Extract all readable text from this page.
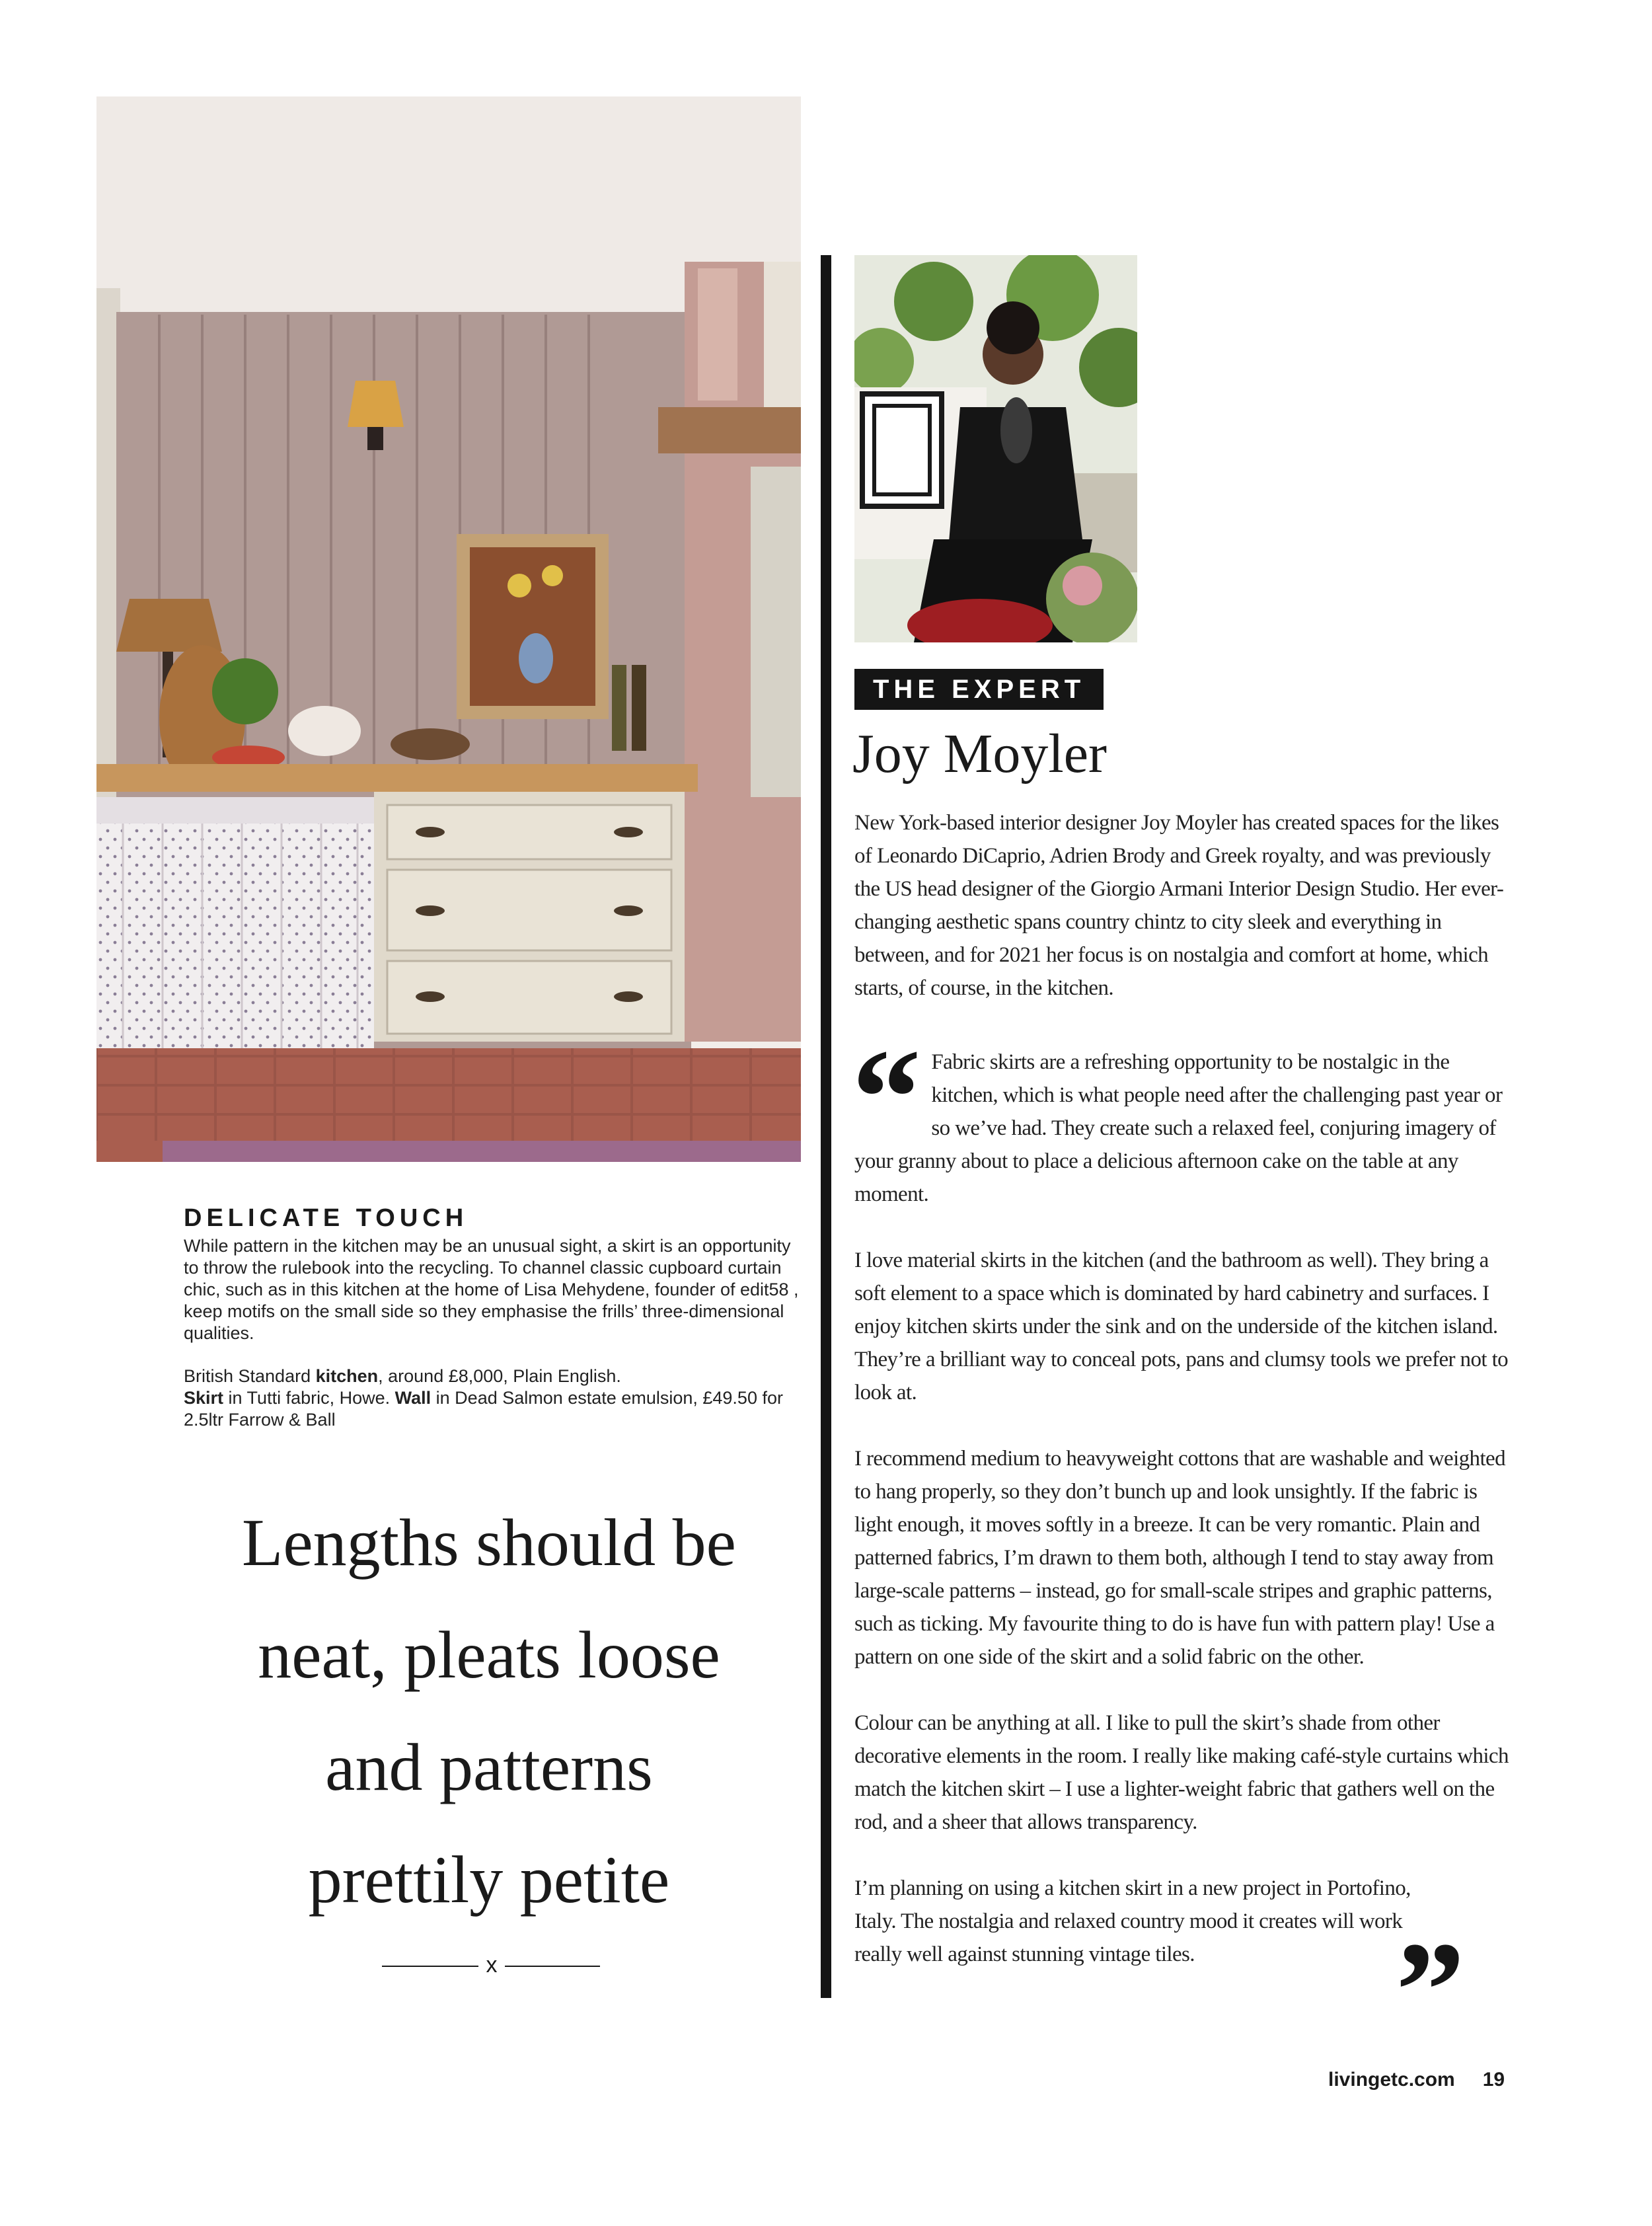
DELICATE TOUCH

While pattern in the kitchen may be an unusual sight, a skirt is an opportunity to throw the rulebook into the recycling. To channel classic cupboard curtain chic, such as in this kitchen at the home of Lisa Mehydene, founder of edit58 , keep motifs on the small side so they emphasise the frills’ three-dimensional qualities.

British Standard kitchen, around £8,000, Plain English.
Skirt in Tutti fabric, Howe. Wall in Dead Salmon estate emulsion, £49.50 for 2.5ltr Farrow & Ball

Lengths should be
neat, pleats loose
and patterns
prettily petite
x
THE EXPERT
Joy Moyler

New York-based interior designer Joy Moyler has created spaces for the likes of Leonardo DiCaprio, Adrien Brody and Greek royalty, and was previously the US head designer of the Giorgio Armani Interior Design Studio. Her ever-changing aesthetic spans country chintz to city sleek and everything in between, and for 2021 her focus is on nostalgia and comfort at home, which starts, of course, in the kitchen.

“ Fabric skirts are a refreshing opportunity to be nostalgic in the kitchen, which is what people need after the challenging past year or so we’ve had. They create such a relaxed feel, conjuring imagery of your granny about to place a delicious afternoon cake on the table at any moment.

I love material skirts in the kitchen (and the bathroom as well). They bring a soft element to a space which is dominated by hard cabinetry and surfaces. I enjoy kitchen skirts under the sink and on the underside of the kitchen island. They’re a brilliant way to conceal pots, pans and clumsy tools we prefer not to look at.

I recommend medium to heavyweight cottons that are washable and weighted to hang properly, so they don’t bunch up and look unsightly. If the fabric is light enough, it moves softly in a breeze. It can be very romantic. Plain and patterned fabrics, I’m drawn to them both, although I tend to stay away from large-scale patterns – instead, go for small-scale stripes and graphic patterns, such as ticking. My favourite thing to do is have fun with pattern play! Use a pattern on one side of the skirt and a solid fabric on the other.

Colour can be anything at all. I like to pull the skirt’s shade from other decorative elements in the room. I really like making café-style curtains which match the kitchen skirt – I use a lighter-weight fabric that gathers well on the rod, and a sheer that allows transparency.

I’m planning on using a kitchen skirt in a new project in Portofino, Italy. The nostalgia and relaxed country mood it creates will work really well against stunning vintage tiles.	”
livingetc.com 19
